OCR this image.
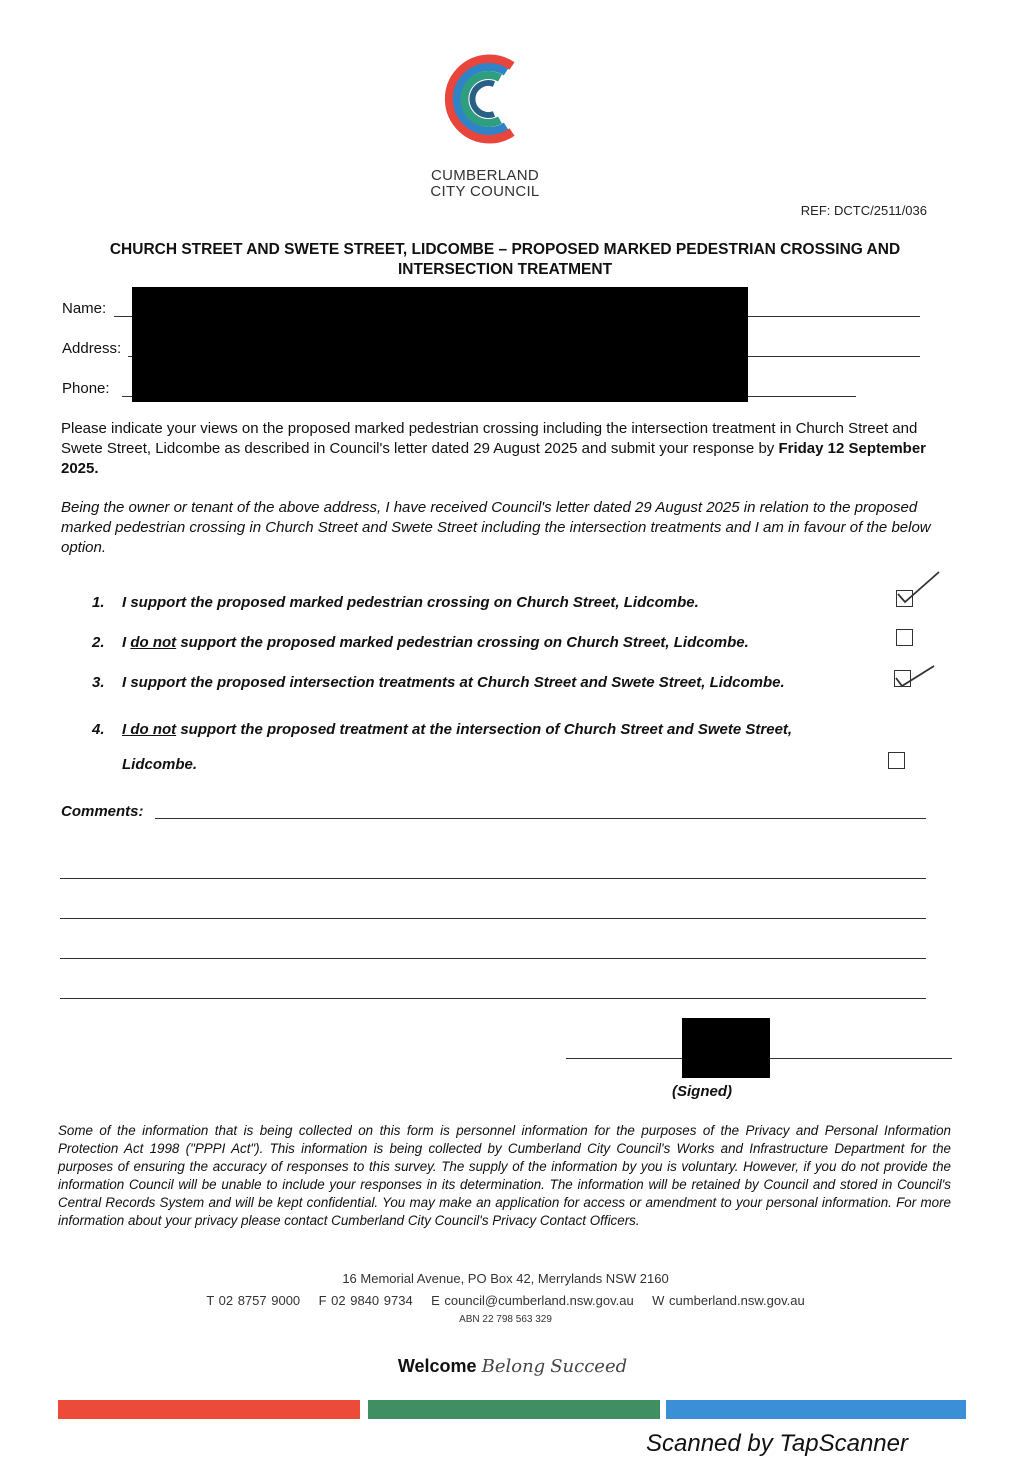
CUMBERLAND
CITY COUNCIL
REF: DCTC/2511/036
CHURCH STREET AND SWETE STREET, LIDCOMBE – PROPOSED MARKED PEDESTRIAN CROSSING AND
INTERSECTION TREATMENT
Name:
Address:
Phone:
Please indicate your views on the proposed marked pedestrian crossing including the intersection treatment in Church Street and Swete Street, Lidcombe as described in Council's letter dated 29 August 2025 and submit your response by Friday 12 September 2025.
Being the owner or tenant of the above address, I have received Council's letter dated 29 August 2025 in relation to the proposed marked pedestrian crossing in Church Street and Swete Street including the intersection treatments and I am in favour of the below option.
1. I support the proposed marked pedestrian crossing on Church Street, Lidcombe.
2. I do not support the proposed marked pedestrian crossing on Church Street, Lidcombe.
3. I support the proposed intersection treatments at Church Street and Swete Street, Lidcombe.
4. I do not support the proposed treatment at the intersection of Church Street and Swete Street,
Lidcombe.
Comments:
(Signed)
Some of the information that is being collected on this form is personnel information for the purposes of the Privacy and Personal Information Protection Act 1998 ("PPPI Act"). This information is being collected by Cumberland City Council's Works and Infrastructure Department for the purposes of ensuring the accuracy of responses to this survey. The supply of the information by you is voluntary. However, if you do not provide the information Council will be unable to include your responses in its determination. The information will be retained by Council and stored in Council's Central Records System and will be kept confidential. You may make an application for access or amendment to your personal information. For more information about your privacy please contact Cumberland City Council's Privacy Contact Officers.
16 Memorial Avenue, PO Box 42, Merrylands NSW 2160
T 02 8757 9000 F 02 9840 9734 E council@cumberland.nsw.gov.au W cumberland.nsw.gov.au
ABN 22 798 563 329
Welcome Belong Succeed
Scanned by TapScanner
